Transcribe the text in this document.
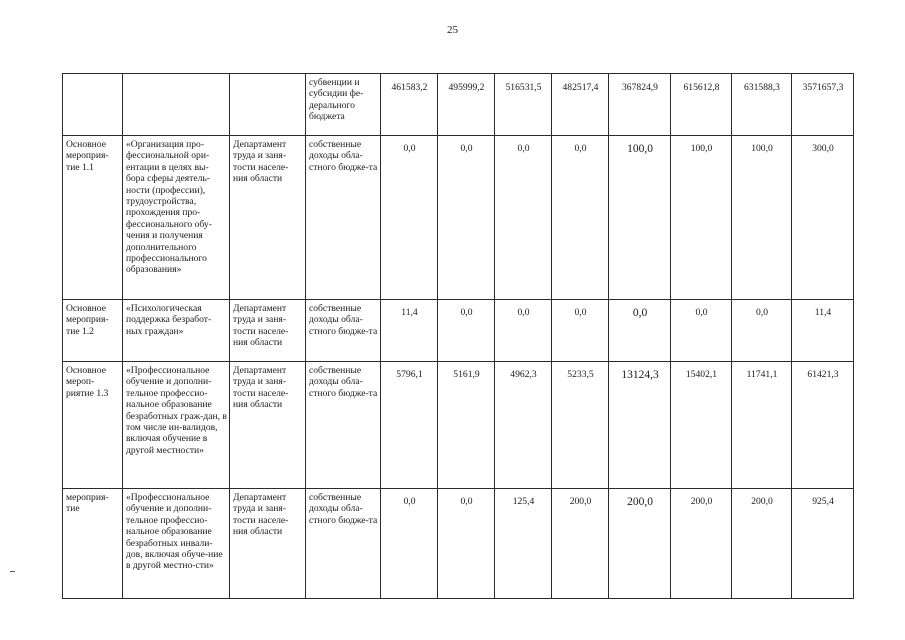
25
			субвенции и субсидии фе-дерального бюджета	461583,2	495999,2	516531,5	482517,4	367824,9	615612,8	631588,3	3571657,3
Основное мероприя-тие 1.1	«Организация про-фессиональной ори-ентации в целях вы-бора сферы деятель-ности (профессии), трудоустройства, прохождения про-фессионального обу-чения и получения дополнительного профессионального образования»	Департамент труда и заня-тости населе-ния области	собственные доходы обла-стного бюдже-та	0,0	0,0	0,0	0,0	100,0	100,0	100,0	300,0
Основное мероприя-тие 1.2	«Психологическая поддержка безработ-ных граждан»	Департамент труда и заня-тости населе-ния области	собственные доходы обла-стного бюдже-та	11,4	0,0	0,0	0,0	0,0	0,0	0,0	11,4
Основное мероп-риятие 1.3	«Профессиональное обучение и дополни-тельное профессио-нальное образование безработных граж-дан, в том числе ин-валидов, включая обучение в другой местности»	Департамент труда и заня-тости населе-ния области	собственные доходы обла-стного бюдже-та	5796,1	5161,9	4962,3	5233,5	13124,3	15402,1	11741,1	61421,3
мероприя-тие	«Профессиональное обучение и дополни-тельное профессио-нальное образование безработных инвали-дов, включая обуче-ние в другой местно-сти»	Департамент труда и заня-тости населе-ния области	собственные доходы обла-стного бюдже-та	0,0	0,0	125,4	200,0	200,0	200,0	200,0	925,4
